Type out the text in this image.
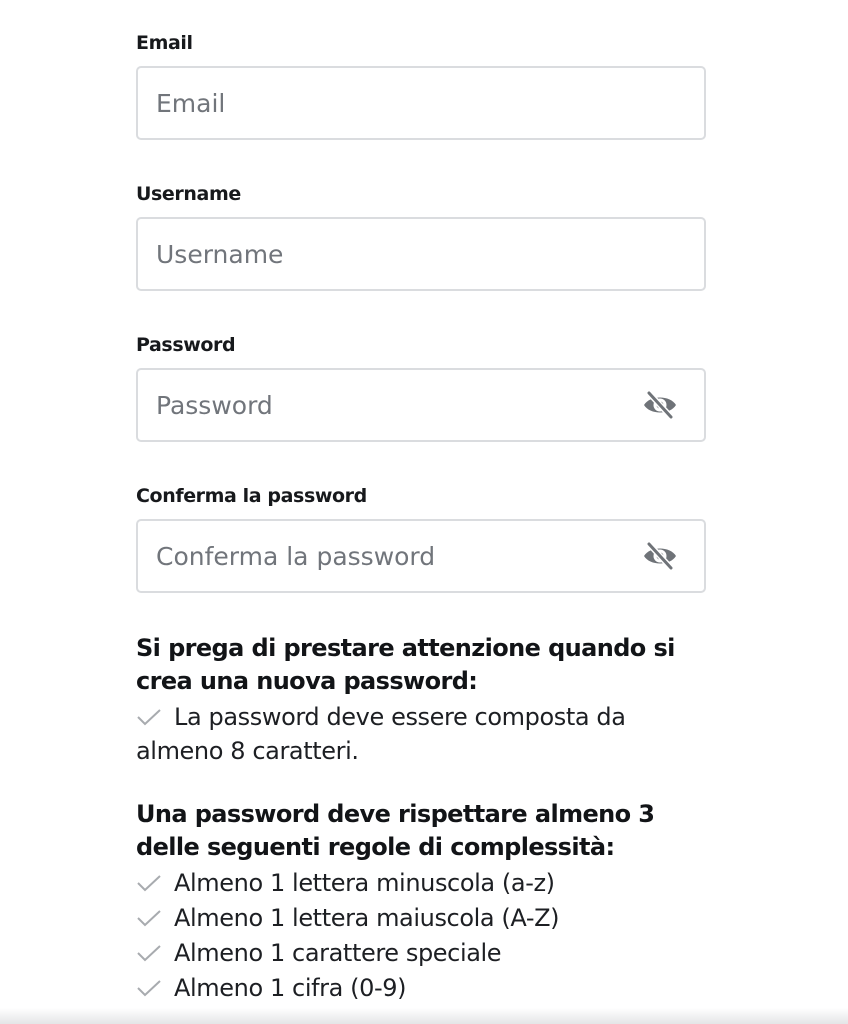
Email
Email
Username
Username
Password
Conferma la password
Si prega di prestare attenzione quando si crea una nuova password:
La password deve essere composta da almeno 8 caratteri.
Una password deve rispettare almeno 3 delle seguenti regole di complessità:
Almeno 1 lettera minuscola (a-z)
Almeno 1 lettera maiuscola (A-Z)
Almeno 1 carattere speciale
Almeno 1 cifra (0-9)
